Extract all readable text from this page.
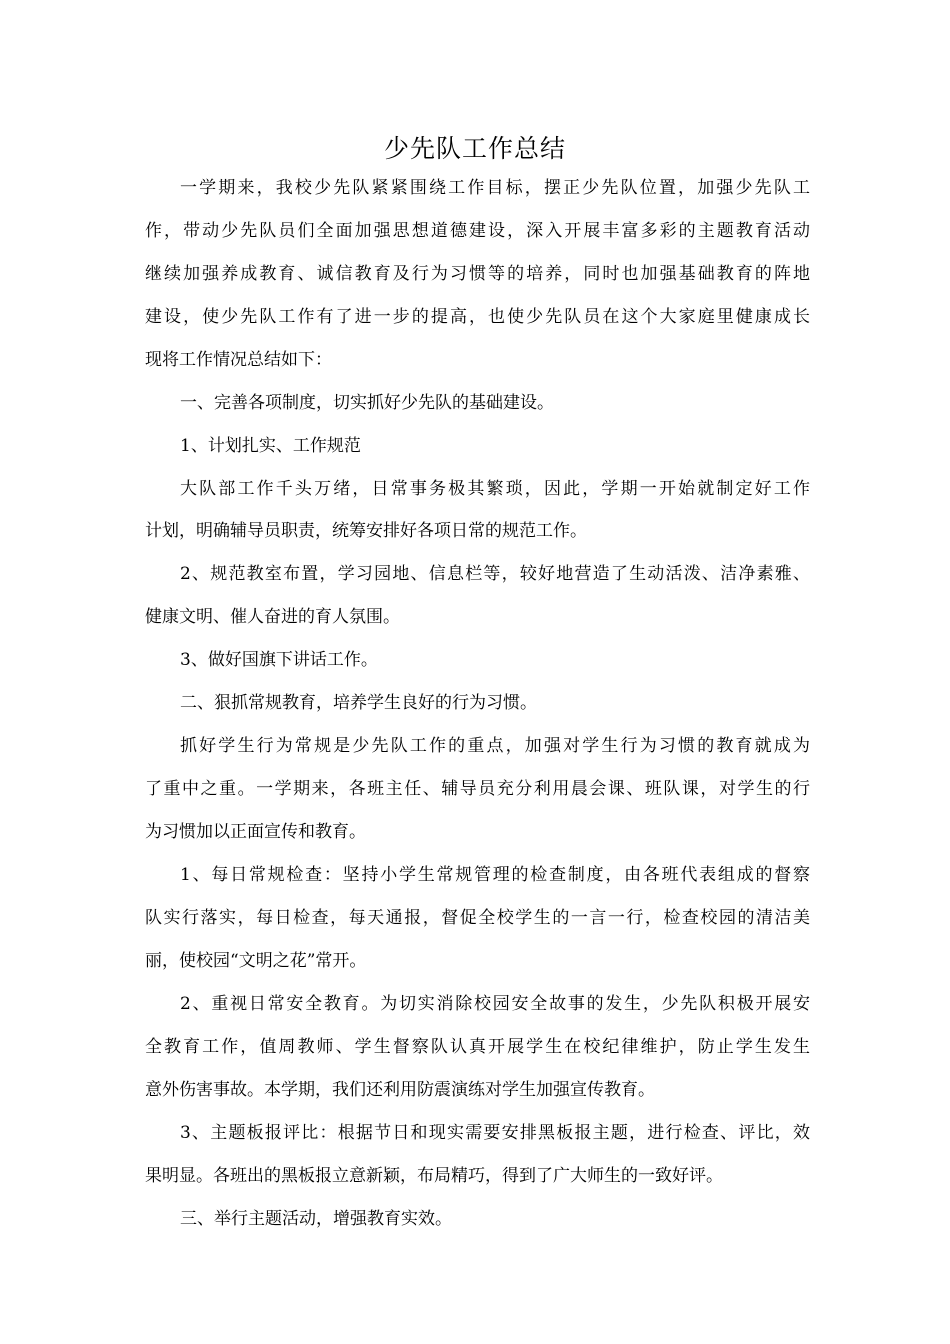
少先队工作总结
一学期来，我校少先队紧紧围绕工作目标，摆正少先队位置，加强少先队工
作，带动少先队员们全面加强思想道德建设，深入开展丰富多彩的主题教育活动
继续加强养成教育、诚信教育及行为习惯等的培养，同时也加强基础教育的阵地
建设，使少先队工作有了进一步的提高，也使少先队员在这个大家庭里健康成长
现将工作情况总结如下：
一、完善各项制度，切实抓好少先队的基础建设。
1、计划扎实、工作规范
大队部工作千头万绪，日常事务极其繁琐，因此，学期一开始就制定好工作
计划，明确辅导员职责，统筹安排好各项日常的规范工作。
2、规范教室布置，学习园地、信息栏等，较好地营造了生动活泼、洁净素雅、
健康文明、催人奋进的育人氛围。
3、做好国旗下讲话工作。
二、狠抓常规教育，培养学生良好的行为习惯。
抓好学生行为常规是少先队工作的重点，加强对学生行为习惯的教育就成为
了重中之重。一学期来，各班主任、辅导员充分利用晨会课、班队课，对学生的行
为习惯加以正面宣传和教育。
1、每日常规检查：坚持小学生常规管理的检查制度，由各班代表组成的督察
队实行落实，每日检查，每天通报，督促全校学生的一言一行，检查校园的清洁美
丽，使校园“文明之花”常开。
2、重视日常安全教育。为切实消除校园安全故事的发生，少先队积极开展安
全教育工作，值周教师、学生督察队认真开展学生在校纪律维护，防止学生发生
意外伤害事故。本学期，我们还利用防震演练对学生加强宣传教育。
3、主题板报评比：根据节日和现实需要安排黑板报主题，进行检查、评比，效
果明显。各班出的黑板报立意新颖，布局精巧，得到了广大师生的一致好评。
三、举行主题活动，增强教育实效。
